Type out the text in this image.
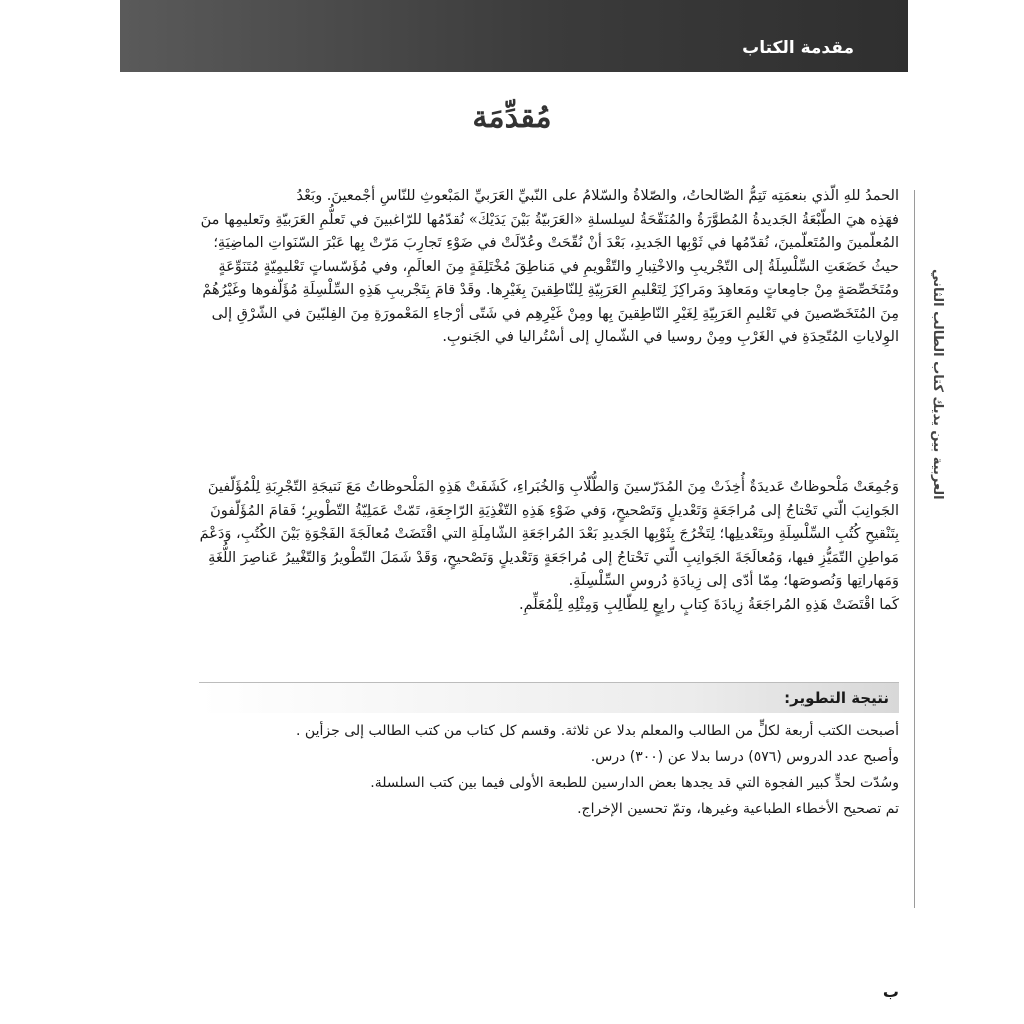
مقدمة الكتاب
مُقدِّمَة
العربية بين يديك كتاب الطالب الثاني

الحمدُ للهِ الّذي بنعمَتِه تَتِمُّ الصّالحاتُ، والصّلاةُ والسّلامُ على النّبيِّ العَرَبيِّ المَبْعوثِ للنّاسِ أجْمعينَ. وبَعْدُ

فهَذِه هيَ الطّبْعَةُ الجَديدةُ المُطوَّرَةُ والمُنَقّحَةُ لسِلسلةِ «العَرَبيّةُ بَيْنَ يَدَيْكَ» نُقدّمُها للرّاغبينَ في تَعلُّمِ العَرَبيّةِ وتَعليمِها منَ المُعلّمينَ والمُتَعلّمينَ، نُقدّمُها في ثَوْبِها الجَديدِ، بَعْدَ أنْ نُقّحَتْ وعُدّلَتْ في ضَوْءِ تَجارِبَ مَرّتْ بِها عَبْرَ السّنَواتِ الماضِيَةِ؛ حيثُ خَضَعَتِ السِّلْسِلَةُ إلى التّجْريبِ والاخْتِبارِ والتّقْويمِ في مَناطِقَ مُخْتَلِفَةٍ مِنَ العالَمِ، وفي مُؤَسّساتٍ تَعْليمِيّةٍ مُتَنَوِّعَةٍ ومُتَخَصِّصَةٍ مِنْ جامِعاتٍ ومَعاهِدَ ومَراكِزَ لِتَعْليمِ العَرَبِيّةِ لِلنّاطِقينَ بِغَيْرِها. وقَدْ قامَ بِتَجْريبِ هَذِهِ السِّلْسِلَةِ مُؤَلّفوها وغَيْرُهُمْ مِنَ المُتَخَصّصينَ في تَعْليمِ العَرَبِيّةِ لِغَيْرِ النّاطِقينَ بِها ومِنْ غَيْرِهِم في شَتّى أرْجاءِ المَعْمورَةِ مِنَ الفِلبّينَ في الشّرْقِ إلى الوِلاياتِ المُتّحِدَةِ في الغَرْبِ ومِنْ روسيا في الشّمالِ إلى أسْتُراليا في الجَنوبِ.

وَجُمِعَتْ مَلْحوظاتٌ عَديدَةٌ أُخِذَتْ مِنَ المُدَرّسينَ وَالطُّلّابِ وَالخُبَراءِ، كَشَفَتْ هَذِهِ المَلْحوظاتُ مَعَ نَتيجَةِ التّجْرِبَةِ لِلْمُؤَلّفينَ الجَوانِبَ الّتي تَحْتاجُ إلى مُراجَعَةٍ وَتَعْديلٍ وَتَصْحيحٍ، وَفي ضَوْءِ هَذِهِ التّغْذِيَةِ الرّاجِعَةِ، تَمّتْ عَمَلِيّةُ التّطْويرِ؛ فَقامَ المُؤَلّفونَ بِتَنْقيحِ كُتُبِ السِّلْسِلَةِ وبِتَعْديلِها؛ لِتَخْرُجَ بِثَوْبِها الجَديدِ بَعْدَ المُراجَعَةِ الشّامِلَةِ التي اقْتَضَتْ مُعالَجَةَ الفَجْوَةِ بَيْنَ الكُتُبِ، وَدَعْمَ مَواطِنِ التّمَيُّزِ فيها، وَمُعالَجَةَ الجَوانِبِ الّتي تَحْتاجُ إلى مُراجَعَةٍ وَتَعْديلٍ وَتَصْحيحٍ، وَقَدْ شَمَلَ التّطْويرُ وَالتّغْييرُ عَناصِرَ اللُّغَةِ وَمَهاراتِها وَنُصوصَها؛ مِمّا أدّى إلى زِيادَةِ دُروسِ السِّلْسِلَةِ.

كَما اقْتَضَتْ هَذِهِ المُراجَعَةُ زِيادَةَ كِتابٍ رابِعٍ لِلطّالِبِ وَمِثْلِهِ لِلْمُعَلِّمِ.

نتيجة التطوير:

أصبحت الكتب أربعة لكلٍّ من الطالب والمعلم بدلا عن ثلاثة. وقسم كل كتاب من كتب الطالب إلى جزأين .

وأصبح عدد الدروس (٥٧٦) درسا بدلا عن (٣٠٠) درس.

وسُدّت لحدٍّ كبير الفجوة التي قد يجدها بعض الدارسين للطبعة الأولى فيما بين كتب السلسلة.

تم تصحيح الأخطاء الطباعية وغيرها، وتمّ تحسين الإخراج.

ب
